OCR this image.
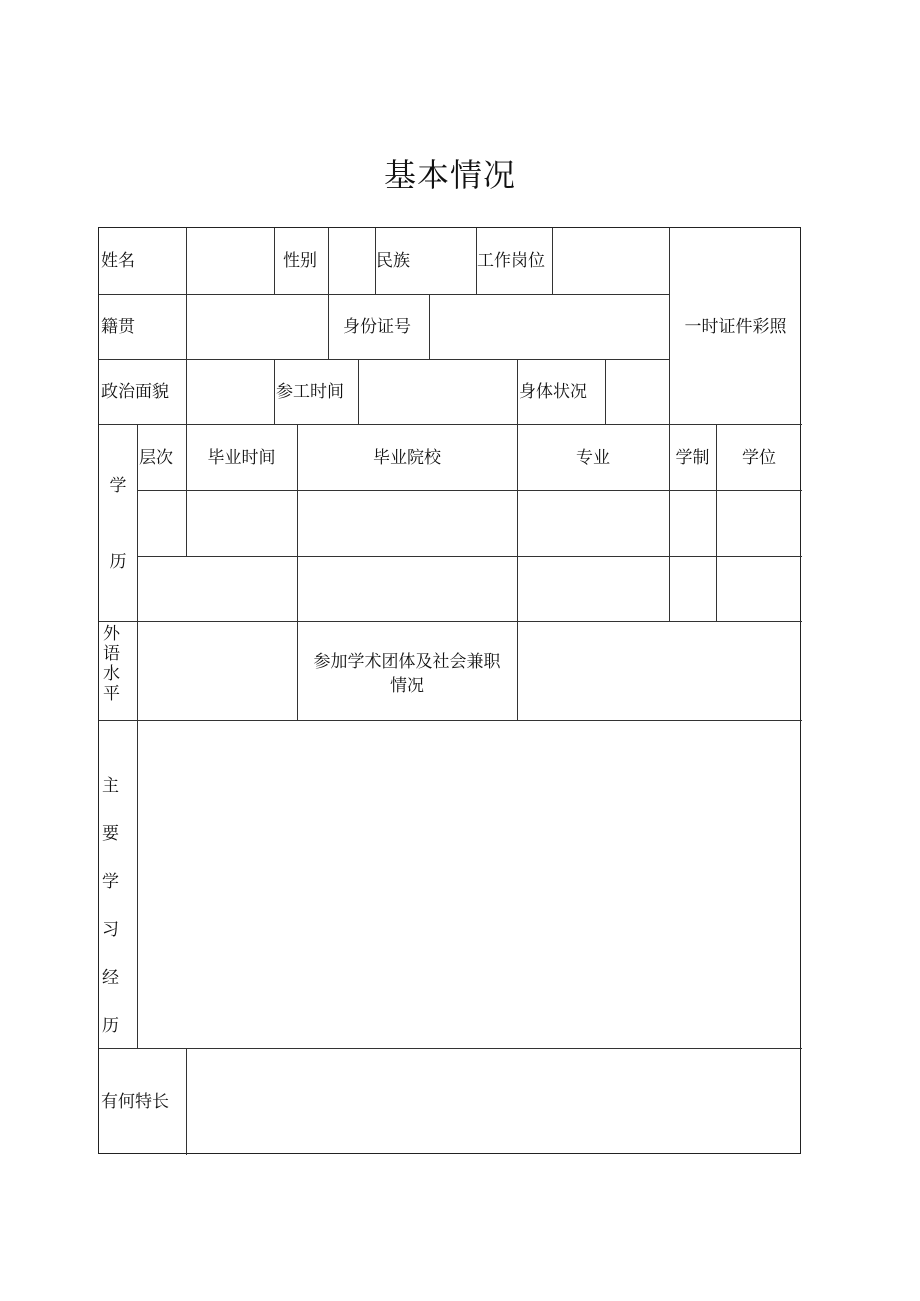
基本情况
姓名	性别	民族	工作岗位
一时证件彩照
籍贯	身份证号
政治面貌	参工时间	身体状况
学
历
层次	毕业时间	毕业院校	专业	学制	学位
外
语
水
平
参加学术团体及社会兼职
情况
主
要
学
习
经
历
有何特长
